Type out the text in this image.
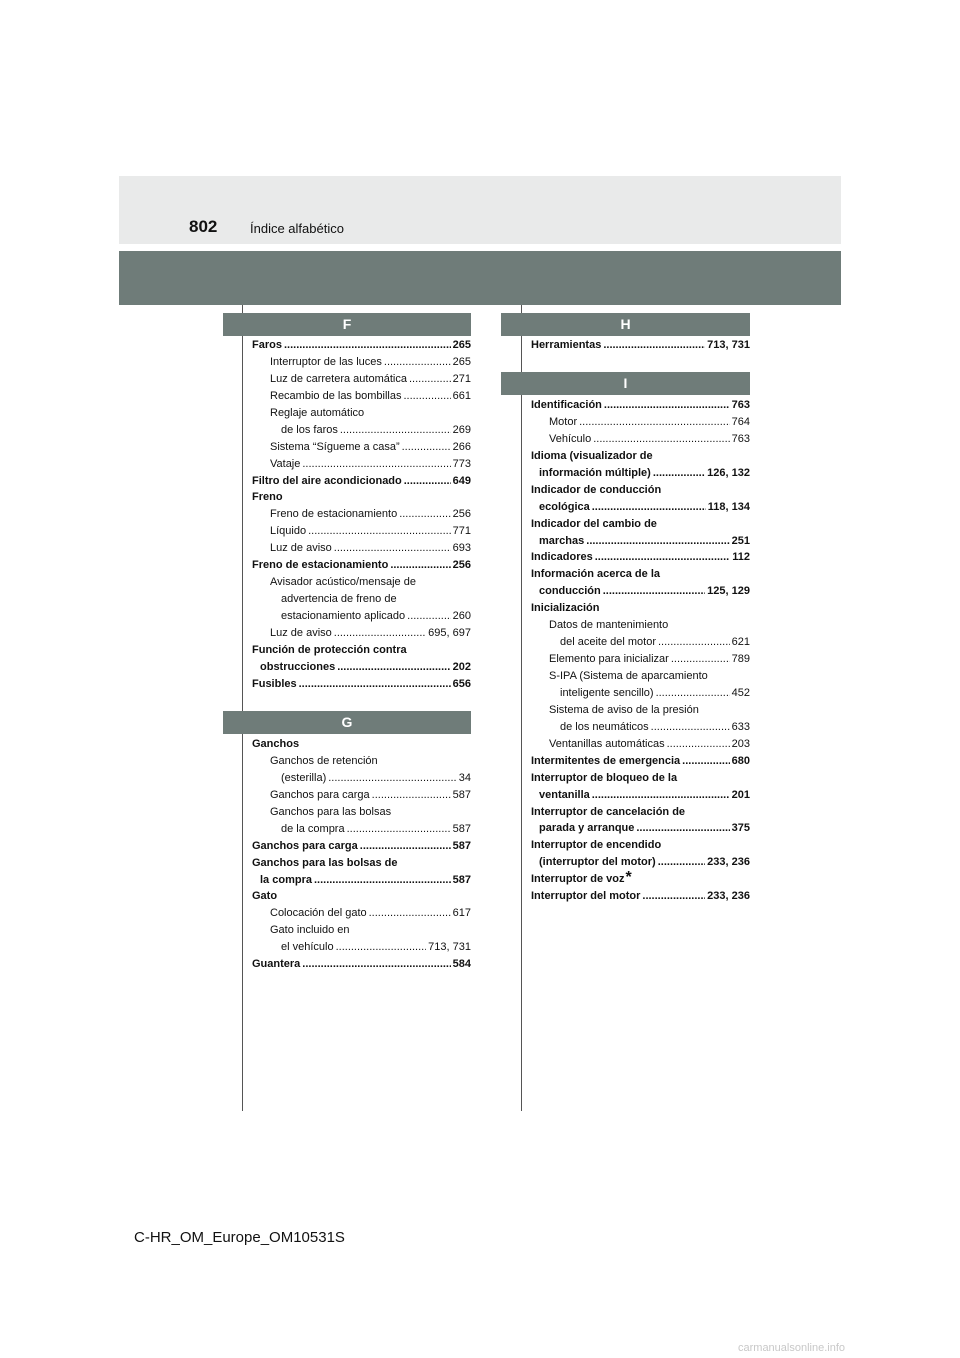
802	Índice alfabético
F
Faros .....	265
Interruptor de las luces .....	265
Luz de carretera automática .....	271
Recambio de las bombillas .....	661
Reglaje automático
de los faros .....	269
Sistema “Sígueme a casa” .....	266
Vataje .....	773
Filtro del aire acondicionado .....	649
Freno
Freno de estacionamiento .....	256
Líquido .....	771
Luz de aviso .....	693
Freno de estacionamiento .....	256
Avisador acústico/mensaje de
advertencia de freno de
estacionamiento aplicado .....	260
Luz de aviso .....	695, 697
Función de protección contra
obstrucciones .....	202
Fusibles .....	656
G
Ganchos
Ganchos de retención
(esterilla) .....	34
Ganchos para carga .....	587
Ganchos para las bolsas
de la compra .....	587
Ganchos para carga .....	587
Ganchos para las bolsas de
la compra .....	587
Gato
Colocación del gato .....	617
Gato incluido en
el vehículo .....	713, 731
Guantera .....	584
H
Herramientas .....	713, 731
I
Identificación .....	763
Motor .....	764
Vehículo .....	763
Idioma (visualizador de
información múltiple) .....	126, 132
Indicador de conducción
ecológica .....	118, 134
Indicador del cambio de
marchas .....	251
Indicadores .....	112
Información acerca de la
conducción .....	125, 129
Inicialización
Datos de mantenimiento
del aceite del motor .....	621
Elemento para inicializar .....	789
S-IPA (Sistema de aparcamiento
inteligente sencillo) .....	452
Sistema de aviso de la presión
de los neumáticos .....	633
Ventanillas automáticas .....	203
Intermitentes de emergencia .....	680
Interruptor de bloqueo de la
ventanilla .....	201
Interruptor de cancelación de
parada y arranque .....	375
Interruptor de encendido
(interruptor del motor) .....	233, 236
Interruptor de voz *
Interruptor del motor .....	233, 236
C-HR_OM_Europe_OM10531S
carmanualsonline.info
